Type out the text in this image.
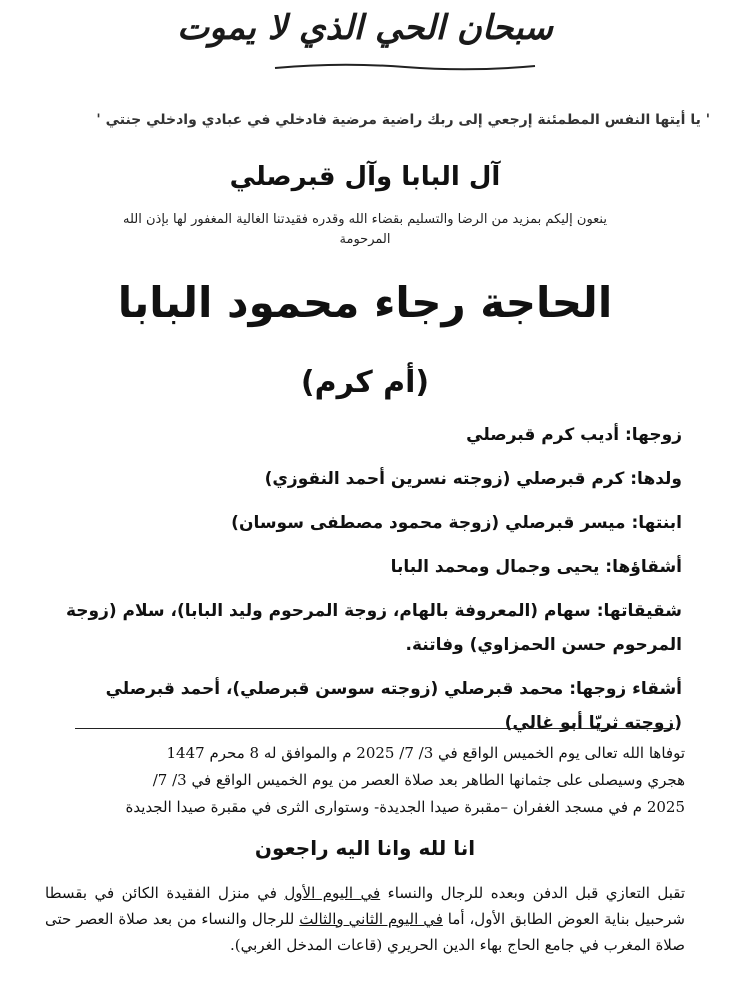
سبحان الحي الذي لا يموت
' يا أيتها النفس المطمئنة إرجعي إلى ربك راضية مرضية فادخلي في عبادي وادخلي جنتي '
آل البابا وآل قبرصلي
ينعون إليكم بمزيد من الرضا والتسليم بقضاء الله وقدره فقيدتنا الغالية المغفور لها بإذن الله
المرحومة
الحاجة رجاء محمود البابا
(أم كرم)

زوجها: أديب كرم قبرصلي

ولدها: كرم قبرصلي (زوجته نسرين أحمد النقوزي)

ابنتها: ميسر قبرصلي (زوجة محمود مصطفى سوسان)

أشقاؤها: يحيى وجمال ومحمد البابا

شقيقاتها: سهام (المعروفة بالهام، زوجة المرحوم وليد البابا)، سلام (زوجة

المرحوم حسن الحمزاوي) وفاتنة.

أشقاء زوجها: محمد قبرصلي (زوجته سوسن قبرصلي)، أحمد قبرصلي

(زوجته ثريّا أبو غالي)

توفاها الله تعالى يوم الخميس الواقع في 3/ 7/ 2025 م والموافق له 8 محرم 1447
هجري وسيصلى على جثمانها الطاهر بعد صلاة العصر من يوم الخميس الواقع في 3/ 7/
2025 م في مسجد الغفران –مقبرة صيدا الجديدة- وستوارى الثرى في مقبرة صيدا الجديدة
انا لله وانا اليه راجعون
تقبل التعازي قبل الدفن وبعده للرجال والنساء في اليوم الأول في منزل الفقيدة الكائن في بقسطا شرحبيل بناية العوض الطابق الأول، أما في اليوم الثاني والثالث للرجال والنساء من بعد صلاة العصر حتى صلاة المغرب في جامع الحاج بهاء الدين الحريري (قاعات المدخل الغربي).
